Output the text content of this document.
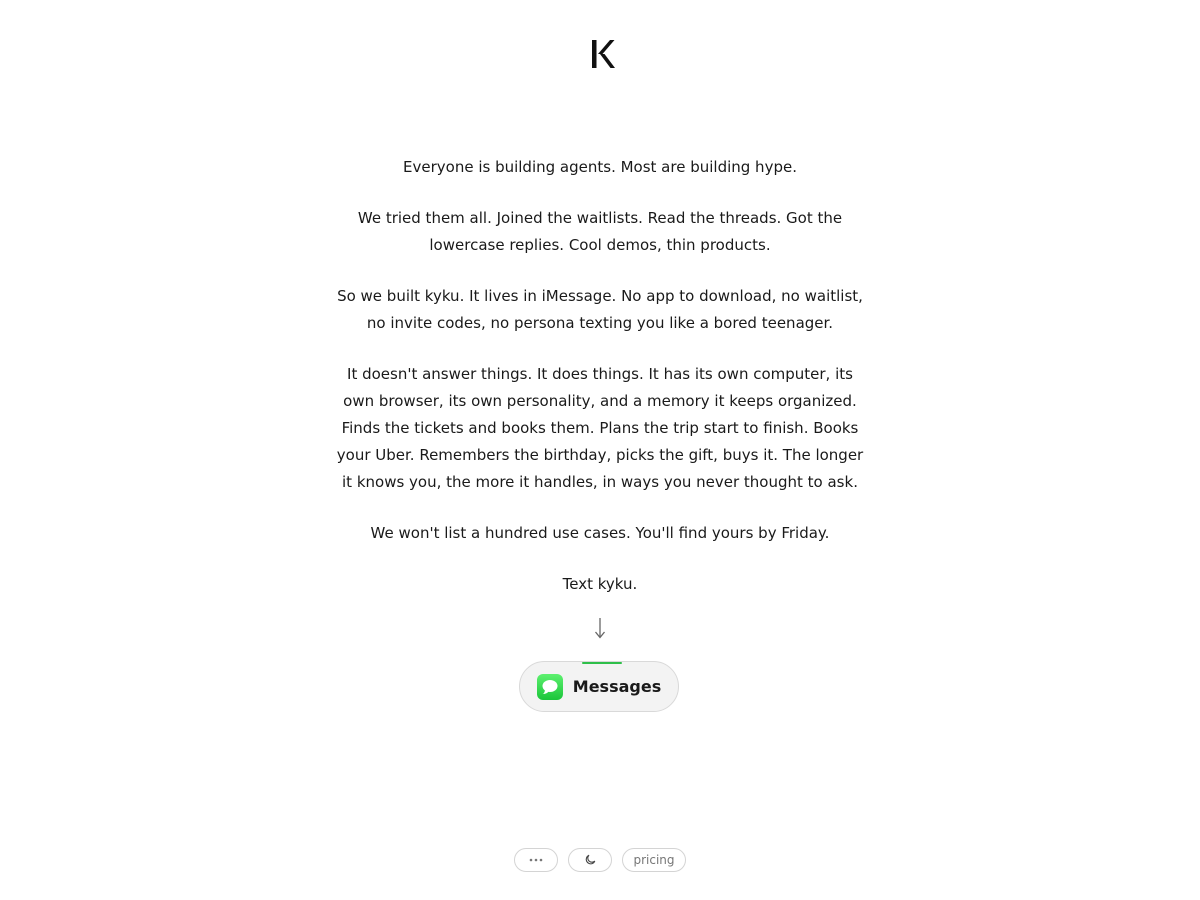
Everyone is building agents. Most are building hype.

We tried them all. Joined the waitlists. Read the threads. Got the lowercase replies. Cool demos, thin products.

So we built kyku. It lives in iMessage. No app to download, no waitlist, no invite codes, no persona texting you like a bored teenager.

It doesn't answer things. It does things. It has its own computer, its own browser, its own personality, and a memory it keeps organized. Finds the tickets and books them. Plans the trip start to finish. Books your Uber. Remembers the birthday, picks the gift, buys it. The longer it knows you, the more it handles, in ways you never thought to ask.

We won't list a hundred use cases. You'll find yours by Friday.

Text kyku.

Messages
pricing
